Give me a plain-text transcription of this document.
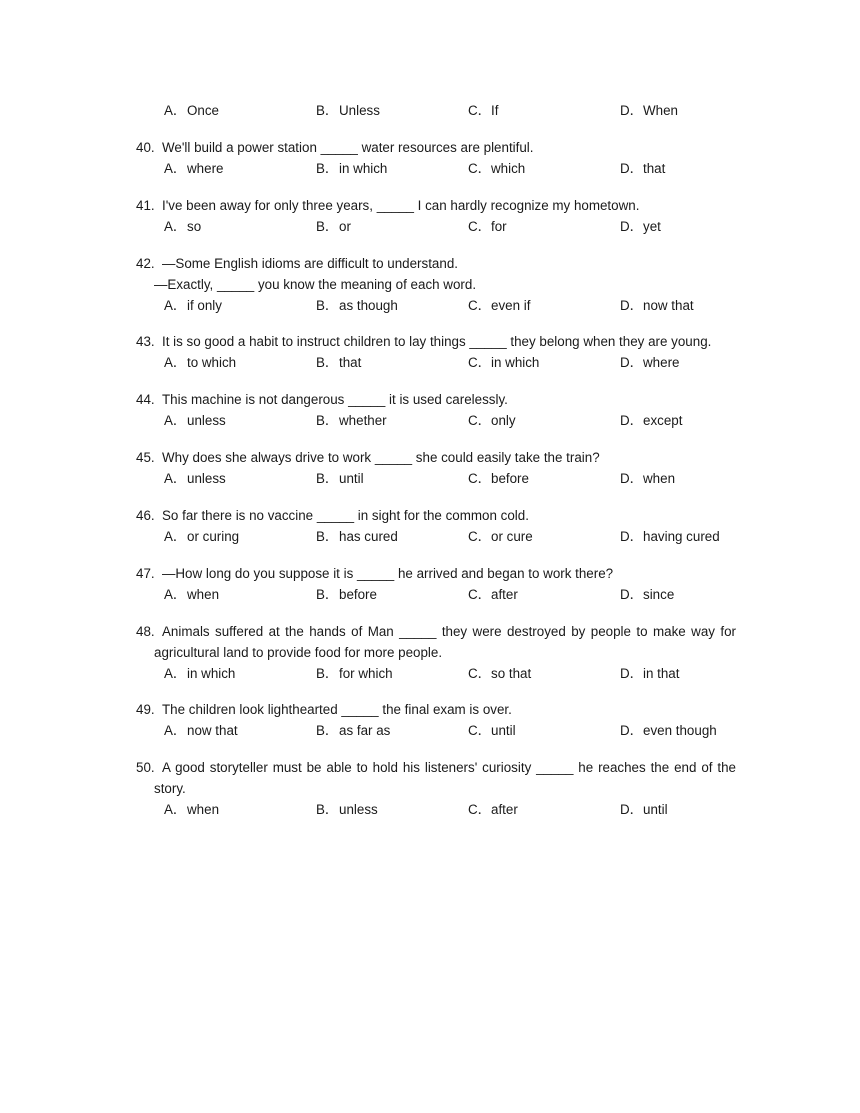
A．Once	B．Unless	C．If	D．When
40. We'll build a power station _____ water resources are plentiful.
A．where	B．in which	C．which	D．that
41. I've been away for only three years, _____ I can hardly recognize my hometown.
A．so	B．or	C．for	D．yet
42. —Some English idioms are difficult to understand.
—Exactly, _____ you know the meaning of each word.
A．if only	B．as though	C．even if	D．now that
43. It is so good a habit to instruct children to lay things _____ they belong when they are young.
A．to which	B．that	C．in which	D．where
44. This machine is not dangerous _____ it is used carelessly.
A．unless	B．whether	C．only	D．except
45. Why does she always drive to work _____ she could easily take the train?
A．unless	B．until	C．before	D．when
46. So far there is no vaccine _____ in sight for the common cold.
A．or curing	B．has cured	C．or cure	D．having cured
47. —How long do you suppose it is _____ he arrived and began to work there?
A．when	B．before	C．after	D．since
48. Animals suffered at the hands of Man _____ they were destroyed by people to make way for agricultural land to provide food for more people.
A．in which	B．for which	C．so that	D．in that
49. The children look lighthearted _____ the final exam is over.
A．now that	B．as far as	C．until	D．even though
50. A good storyteller must be able to hold his listeners' curiosity _____ he reaches the end of the story.
A．when	B．unless	C．after	D．until
